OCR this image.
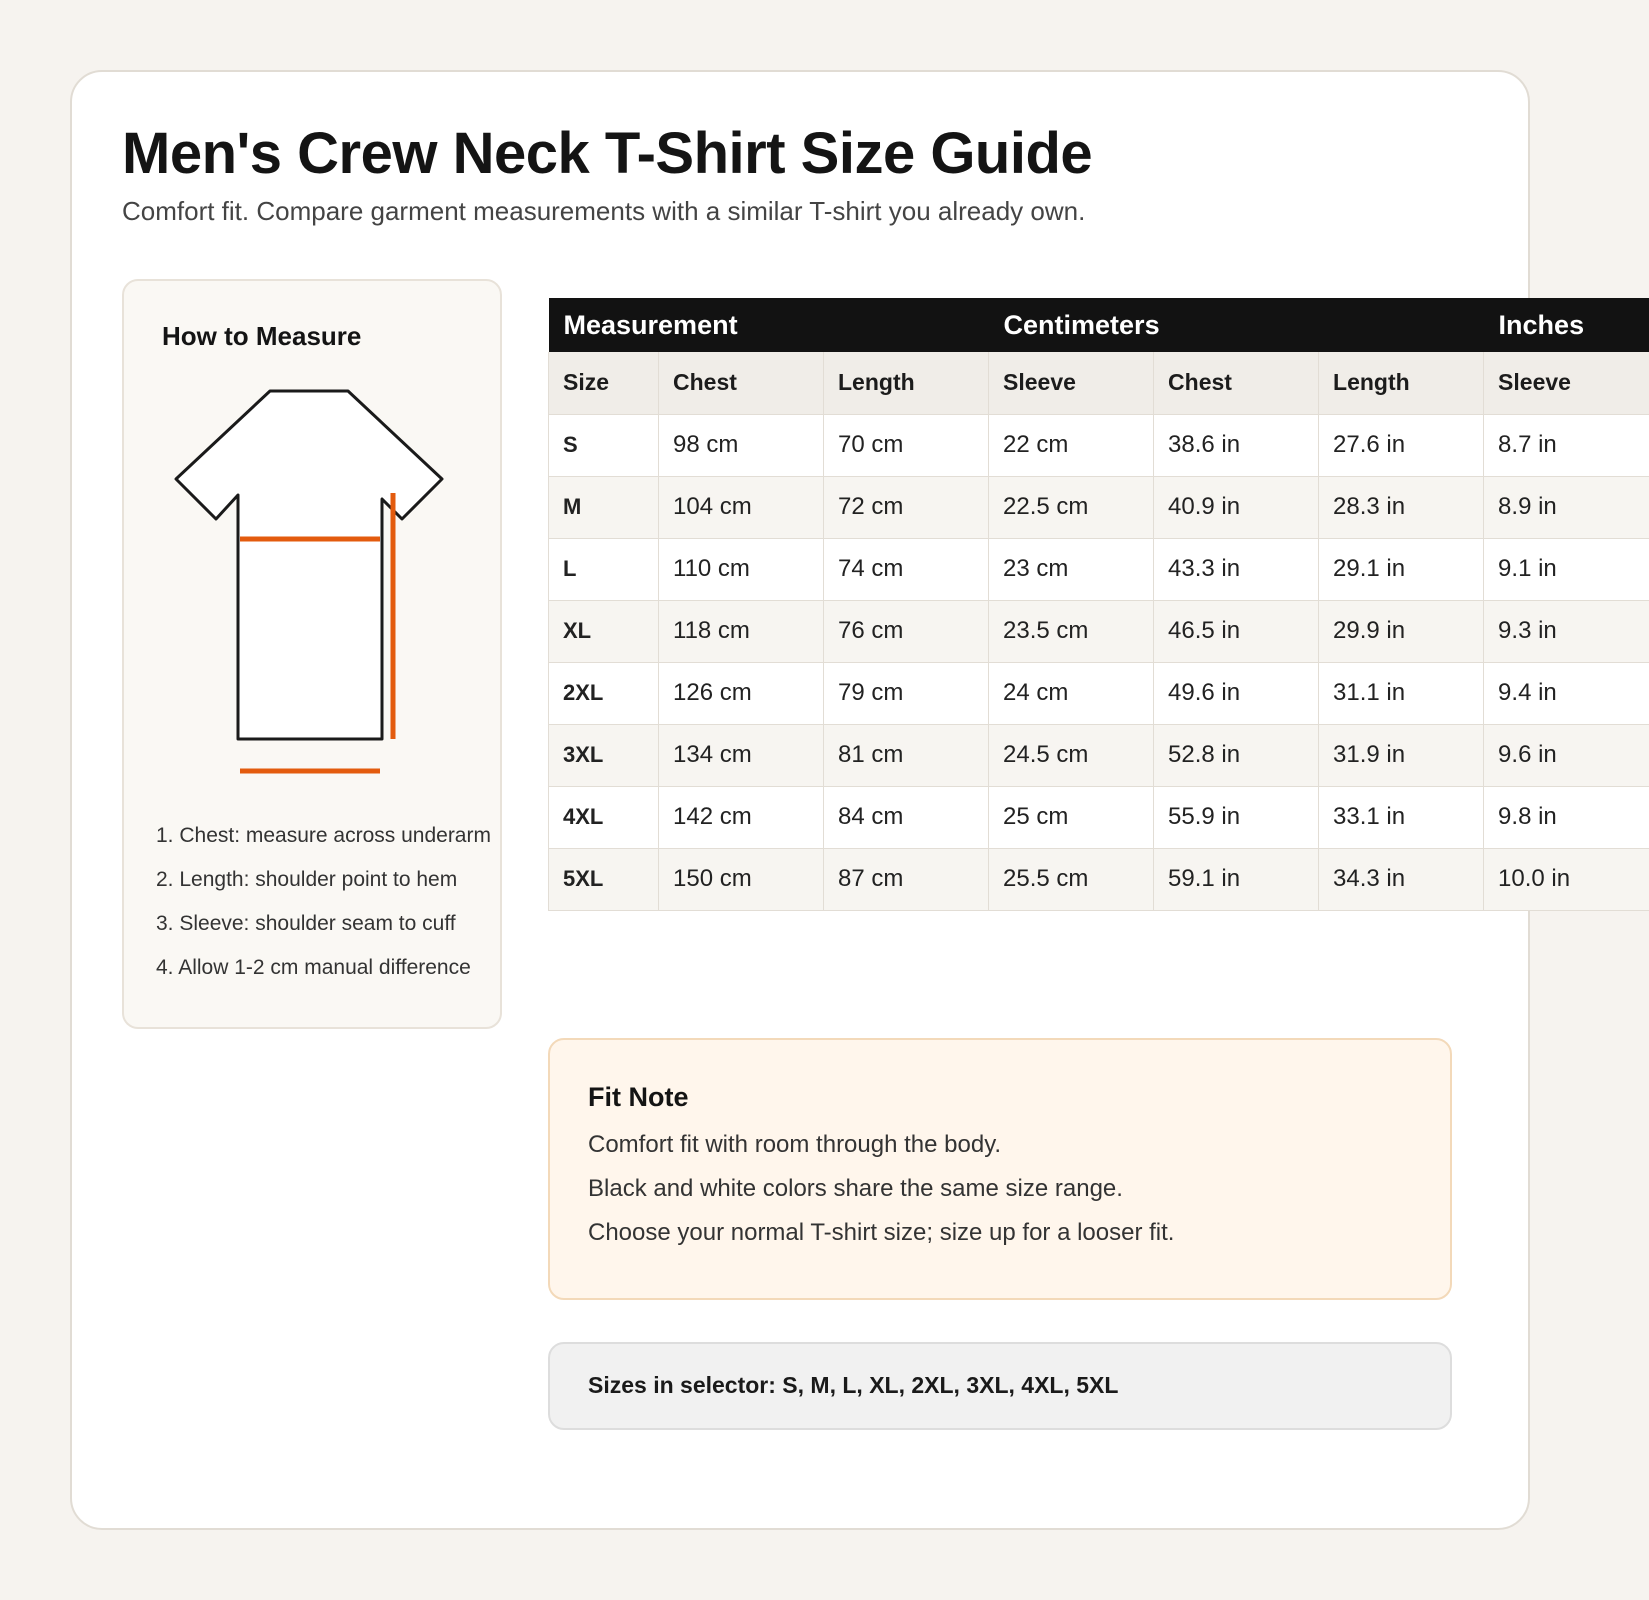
Men's Crew Neck T-Shirt Size Guide

Comfort fit. Compare garment measurements with a similar T-shirt you already own.

How to Measure
1. Chest: measure across underarm
2. Length: shoulder point to hem
3. Sleeve: shoulder seam to cuff
4. Allow 1-2 cm manual difference
Measurement			Centimeters			Inches
Size	Chest	Length	Sleeve	Chest	Length	Sleeve
S	98 cm	70 cm	22 cm	38.6 in	27.6 in	8.7 in
M	104 cm	72 cm	22.5 cm	40.9 in	28.3 in	8.9 in
L	110 cm	74 cm	23 cm	43.3 in	29.1 in	9.1 in
XL	118 cm	76 cm	23.5 cm	46.5 in	29.9 in	9.3 in
2XL	126 cm	79 cm	24 cm	49.6 in	31.1 in	9.4 in
3XL	134 cm	81 cm	24.5 cm	52.8 in	31.9 in	9.6 in
4XL	142 cm	84 cm	25 cm	55.9 in	33.1 in	9.8 in
5XL	150 cm	87 cm	25.5 cm	59.1 in	34.3 in	10.0 in
Fit Note
Comfort fit with room through the body.
Black and white colors share the same size range.
Choose your normal T-shirt size; size up for a looser fit.

Sizes in selector: S, M, L, XL, 2XL, 3XL, 4XL, 5XL
